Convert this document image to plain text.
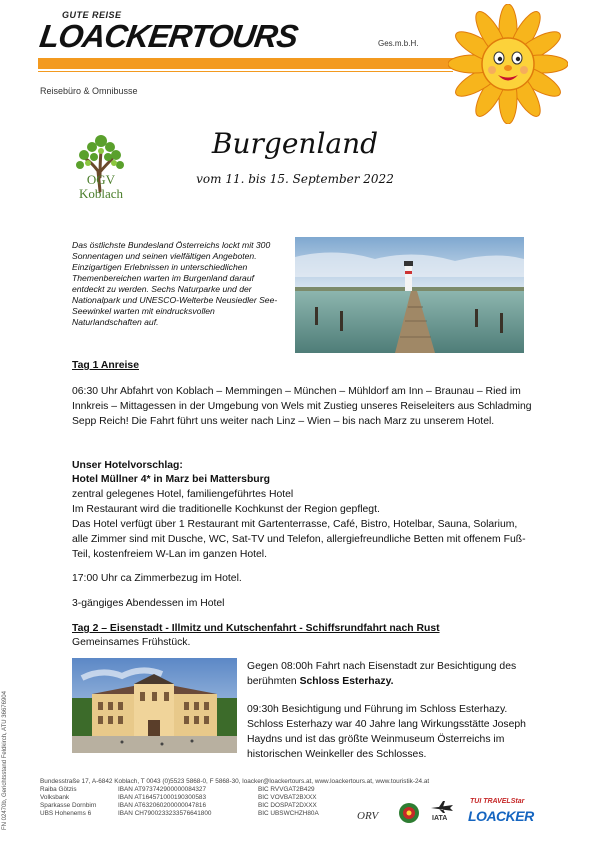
GUTE REISE
LOACKERTOURS	Ges.m.b.H.
Reisebüro & Omnibusse
OGV
Koblach
Burgenland
vom 11. bis 15. September 2022
Das östlichste Bundesland Österreichs lockt mit 300 Sonnentagen und seinen vielfältigen Angeboten. Einzigartigen Erlebnissen in unterschiedlichen Themenbereichen warten im Burgenland darauf entdeckt zu werden. Sechs Naturparke und der Nationalpark und UNESCO-Welterbe Neusiedler See-Seewinkel warten mit eindrucksvollen Naturlandschaften auf.
Tag 1 Anreise
06:30 Uhr Abfahrt von Koblach – Memmingen – München – Mühldorf am Inn – Braunau – Ried im Innkreis – Mittagessen in der Umgebung von Wels mit Zustieg unseres Reiseleiters aus Schladming Sepp Reich! Die Fahrt führt uns weiter nach Linz – Wien – bis nach Marz zu unserem Hotel.
Unser Hotelvorschlag:
Hotel Müllner 4* in Marz bei Mattersburg
zentral gelegenes Hotel, familiengeführtes Hotel
Im Restaurant wird die traditionelle Kochkunst der Region gepflegt.
Das Hotel verfügt über 1 Restaurant mit Gartenterrasse, Café, Bistro, Hotelbar, Sauna, Solarium, alle Zimmer sind mit Dusche, WC, Sat-TV und Telefon, allergiefreundliche Betten mit offenem Fuß-Teil, kostenfreiem W-Lan im ganzen Hotel.
17:00 Uhr ca Zimmerbezug im Hotel.
3-gängiges Abendessen im Hotel
Tag 2 – Eisenstadt - Illmitz und Kutschenfahrt - Schiffsrundfahrt nach Rust
Gemeinsames Frühstück.
Gegen 08:00h Fahrt nach Eisenstadt zur Besichtigung des berühmten Schloss Esterhazy.
09:30h Besichtigung und Führung im Schloss Esterhazy. Schloss Esterhazy war 40 Jahre lang Wirkungsstätte Joseph Haydns und ist das größte Weinmuseum Österreichs im historischen Weinkeller des Schlosses.
Bundesstraße 17, A-6842 Koblach, T 0043 (0)5523 5868-0, F 5868-30, loacker@loackertours.at, www.loackertours.at, www.touristik-24.at
Raiba Götzis	IBAN AT973742900000084327	BIC RVVGAT2B429
Volksbank	IBAN AT164571000190300583	BIC VOVBAT2BXXX
Sparkasse Dornbirn	IBAN AT632060200000047816	BIC DOSPAT2DXXX
UBS Hohenems 6	IBAN CH7900233233576641800	BIC UBSWCHZH80A	ORV	IATA
TUI TRAVELStar
LOACKER
FN 02470b, Gerichtsstand Feldkirch, ATU 36676904
